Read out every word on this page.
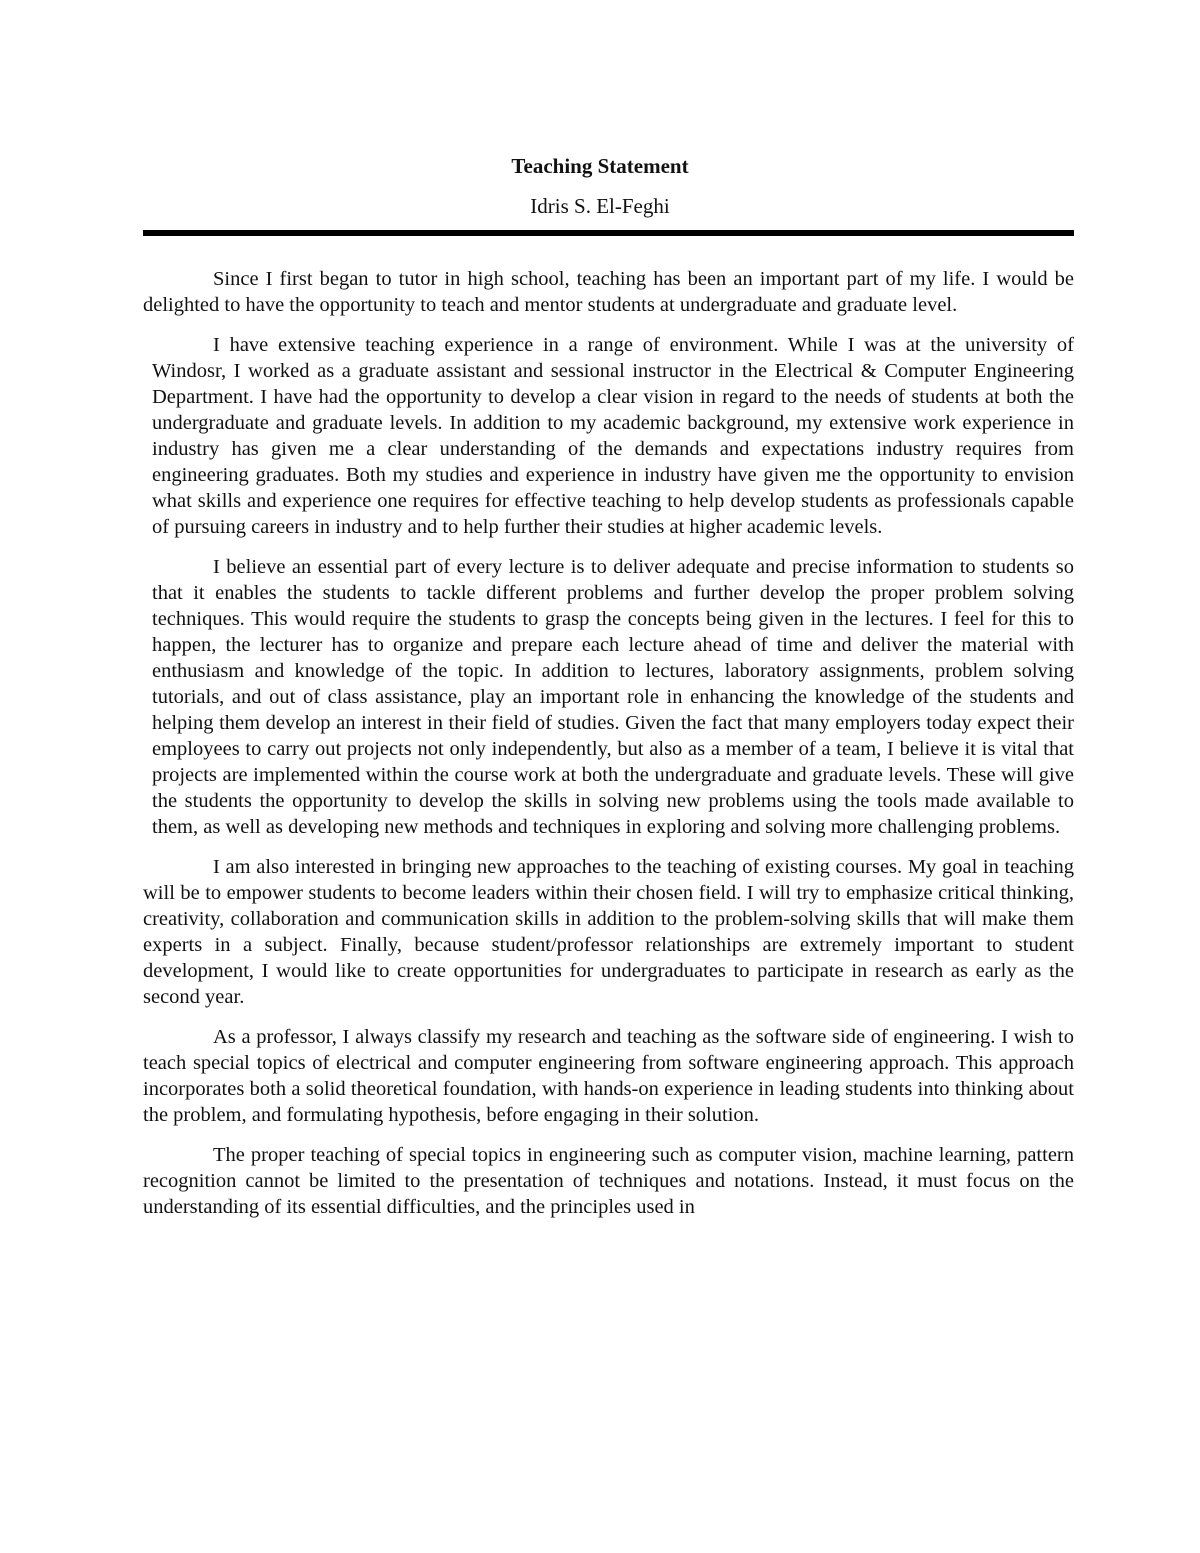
Teaching Statement
Idris S. El-Feghi

Since I first began to tutor in high school, teaching has been an important part of my life. I would be delighted to have the opportunity to teach and mentor students at undergraduate and graduate level.

I have extensive teaching experience in a range of environment. While I was at the university of Windosr, I worked as a graduate assistant and sessional instructor in the Electrical & Computer Engineering Department. I have had the opportunity to develop a clear vision in regard to the needs of students at both the undergraduate and graduate levels. In addition to my academic background, my extensive work experience in industry has given me a clear understanding of the demands and expectations industry requires from engineering graduates. Both my studies and experience in industry have given me the opportunity to envision what skills and experience one requires for effective teaching to help develop students as professionals capable of pursuing careers in industry and to help further their studies at higher academic levels.

I believe an essential part of every lecture is to deliver adequate and precise information to students so that it enables the students to tackle different problems and further develop the proper problem solving techniques. This would require the students to grasp the concepts being given in the lectures. I feel for this to happen, the lecturer has to organize and prepare each lecture ahead of time and deliver the material with enthusiasm and knowledge of the topic. In addition to lectures, laboratory assignments, problem solving tutorials, and out of class assistance, play an important role in enhancing the knowledge of the students and helping them develop an interest in their field of studies. Given the fact that many employers today expect their employees to carry out projects not only independently, but also as a member of a team, I believe it is vital that projects are implemented within the course work at both the undergraduate and graduate levels. These will give the students the opportunity to develop the skills in solving new problems using the tools made available to them, as well as developing new methods and techniques in exploring and solving more challenging problems.

I am also interested in bringing new approaches to the teaching of existing courses. My goal in teaching will be to empower students to become leaders within their chosen field. I will try to emphasize critical thinking, creativity, collaboration and communication skills in addition to the problem-solving skills that will make them experts in a subject. Finally, because student/professor relationships are extremely important to student development, I would like to create opportunities for undergraduates to participate in research as early as the second year.

As a professor, I always classify my research and teaching as the software side of engineering. I wish to teach special topics of electrical and computer engineering from software engineering approach. This approach incorporates both a solid theoretical foundation, with hands-on experience in leading students into thinking about the problem, and formulating hypothesis, before engaging in their solution.

The proper teaching of special topics in engineering such as computer vision, machine learning, pattern recognition cannot be limited to the presentation of techniques and notations. Instead, it must focus on the understanding of its essential difficulties, and the principles used in
